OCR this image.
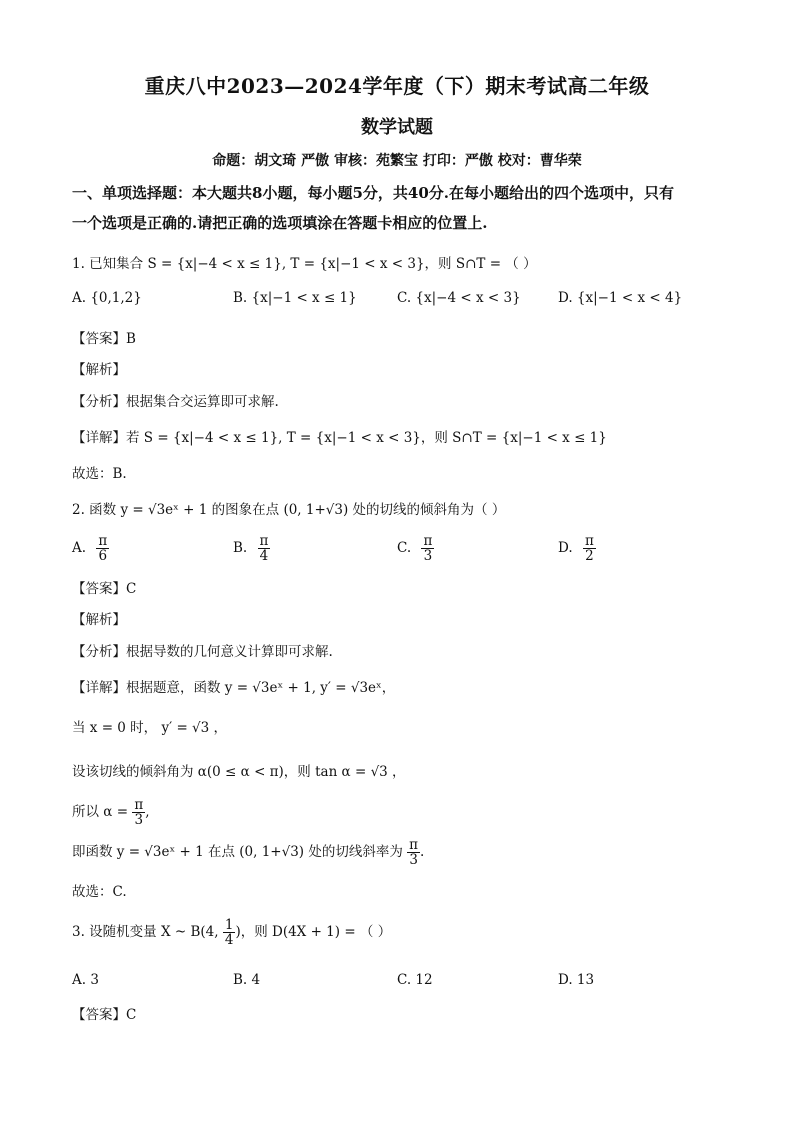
重庆八中2023—2024学年度（下）期末考试高二年级
数学试题
命题：胡文琦 严傲 审核：苑繁宝 打印：严傲 校对：曹华荣
一、单项选择题：本大题共8小题，每小题5分，共40分.在每小题给出的四个选项中，只有
一个选项是正确的.请把正确的选项填涂在答题卡相应的位置上.
1. 已知集合 S = {x|−4 < x ≤ 1}, T = {x|−1 < x < 3}，则 S∩T = （ ）
A. {0,1,2}	B. {x|−1 < x ≤ 1}	C. {x|−4 < x < 3}	D. {x|−1 < x < 4}
【答案】B
【解析】
【分析】根据集合交运算即可求解.
【详解】若 S = {x|−4 < x ≤ 1}, T = {x|−1 < x < 3}，则 S∩T = {x|−1 < x ≤ 1}
故选：B.
2. 函数 y = √3eˣ + 1 的图象在点 (0, 1+√3) 处的切线的倾斜角为（ ）
A. $\frac{\pi}{6}$	B. $\frac{\pi}{4}$	C. $\frac{\pi}{3}$	D. $\frac{\pi}{2}$
【答案】C
【解析】
【分析】根据导数的几何意义计算即可求解.
【详解】根据题意，函数 y = √3eˣ + 1, y′ = √3eˣ，
当 x = 0 时， y′ = √3 ，
设该切线的倾斜角为 α(0 ≤ α < π)，则 tan α = √3 ，
所以 $\alpha = \frac{\pi}{3}$ ,
即函数 y = √3eˣ + 1 在点 (0, 1+√3) 处的切线斜率为 $\frac{\pi}{3}$ .
故选：C.
3. 设随机变量 X ~ B(4, $\frac{1}{4}$ )，则 D(4X + 1) = （ ）
A. 3	B. 4	C. 12	D. 13
【答案】C
